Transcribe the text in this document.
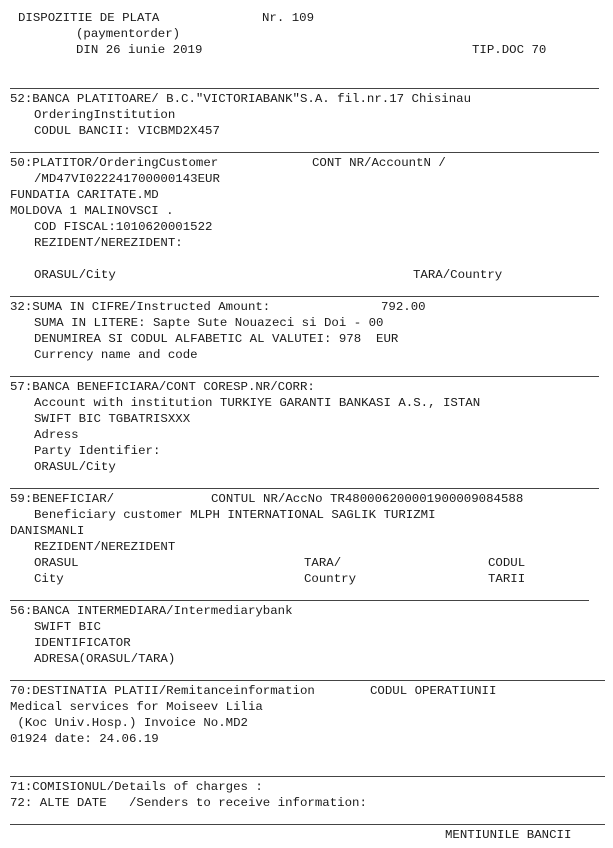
DISPOZITIE DE PLATA	Nr. 109
(paymentorder)
DIN 26 iunie 2019	TIP.DOC 70
52:BANCA PLATITOARE/ B.C."VICTORIABANK"S.A. fil.nr.17 Chisinau
OrderingInstitution
CODUL BANCII: VICBMD2X457
50:PLATITOR/OrderingCustomer	CONT NR/AccountN /
/MD47VI022241700000143EUR
FUNDATIA CARITATE.MD
MOLDOVA 1 MALINOVSCI .
COD FISCAL:1010620001522
REZIDENT/NEREZIDENT:
ORASUL/City	TARA/Country
32:SUMA IN CIFRE/Instructed Amount:	792.00
SUMA IN LITERE: Sapte Sute Nouazeci si Doi - 00
DENUMIREA SI CODUL ALFABETIC AL VALUTEI: 978  EUR
Currency name and code
57:BANCA BENEFICIARA/CONT CORESP.NR/CORR:
Account with institution TURKIYE GARANTI BANKASI A.S., ISTAN
SWIFT BIC TGBATRISXXX
Adress
Party Identifier:
ORASUL/City
59:BENEFICIAR/	CONTUL NR/AccNo TR480006200001900009084588
Beneficiary customer MLPH INTERNATIONAL SAGLIK TURIZMI
DANISMANLI
REZIDENT/NEREZIDENT
ORASUL	TARA/	CODUL
City	Country	TARII
56:BANCA INTERMEDIARA/Intermediarybank
SWIFT BIC
IDENTIFICATOR
ADRESA(ORASUL/TARA)
70:DESTINATIA PLATII/Remitanceinformation	CODUL OPERATIUNII
Medical services for Moiseev Lilia
(Koc Univ.Hosp.) Invoice No.MD2
01924 date: 24.06.19
71:COMISIONUL/Details of charges :
72: ALTE DATE   /Senders to receive information:
MENTIUNILE BANCII
